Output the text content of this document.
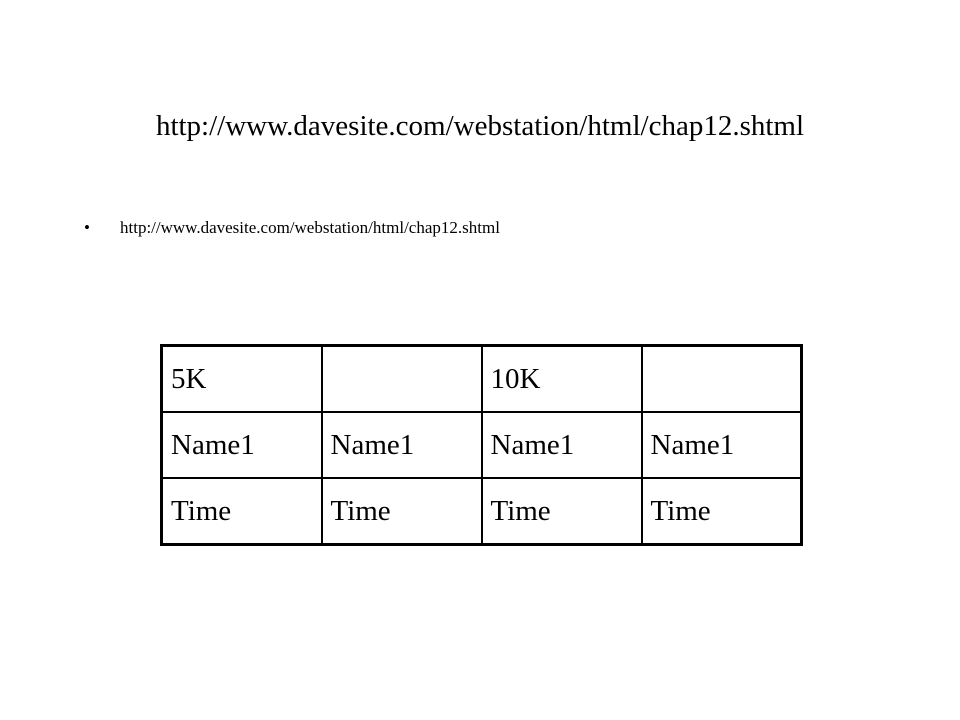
http://www.davesite.com/webstation/html/chap12.shtml
• http://www.davesite.com/webstation/html/chap12.shtml
5K		10K	
Name1	Name1	Name1	Name1
Time	Time	Time	Time
